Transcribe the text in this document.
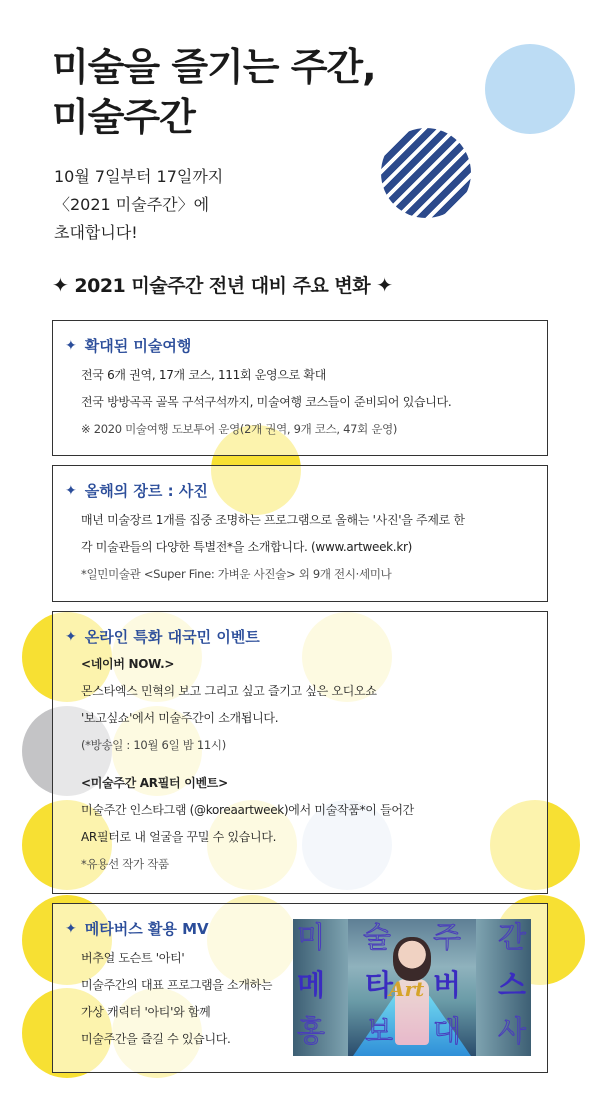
미술을 즐기는 주간,
미술주간
10월 7일부터 17일까지
〈2021 미술주간〉에
초대합니다!
✦ 2021 미술주간 전년 대비 주요 변화 ✦
✦ 확대된 미술여행
전국 6개 권역, 17개 코스, 111회 운영으로 확대
전국 방방곡곡 골목 구석구석까지, 미술여행 코스들이 준비되어 있습니다.
※ 2020 미술여행 도보투어 운영(2개 권역, 9개 코스, 47회 운영)
✦ 올해의 장르 : 사진
매년 미술장르 1개를 집중 조명하는 프로그램으로 올해는 '사진'을 주제로 한
각 미술관들의 다양한 특별전*을 소개합니다. (www.artweek.kr)
*일민미술관 <Super Fine: 가벼운 사진술> 외 9개 전시·세미나
✦ 온라인 특화 대국민 이벤트
<네이버 NOW.>
몬스타엑스 민혁의 보고 그리고 싶고 즐기고 싶은 오디오쇼
'보고싶쇼'에서 미술주간이 소개됩니다.
(*방송일 : 10월 6일 밤 11시)
<미술주간 AR필터 이벤트>
미술주간 인스타그램 (@koreaartweek)에서 미술작품*이 들어간
AR필터로 내 얼굴을 꾸밀 수 있습니다.
*유용선 작가 작품
✦ 메타버스 활용 MV
버추얼 도슨트 '아티'
미술주간의 대표 프로그램을 소개하는
가상 캐릭터 '아티'와 함께
미술주간을 즐길 수 있습니다.
미 술 주 간
메 타 버 스
Art
홍 보 대 사
